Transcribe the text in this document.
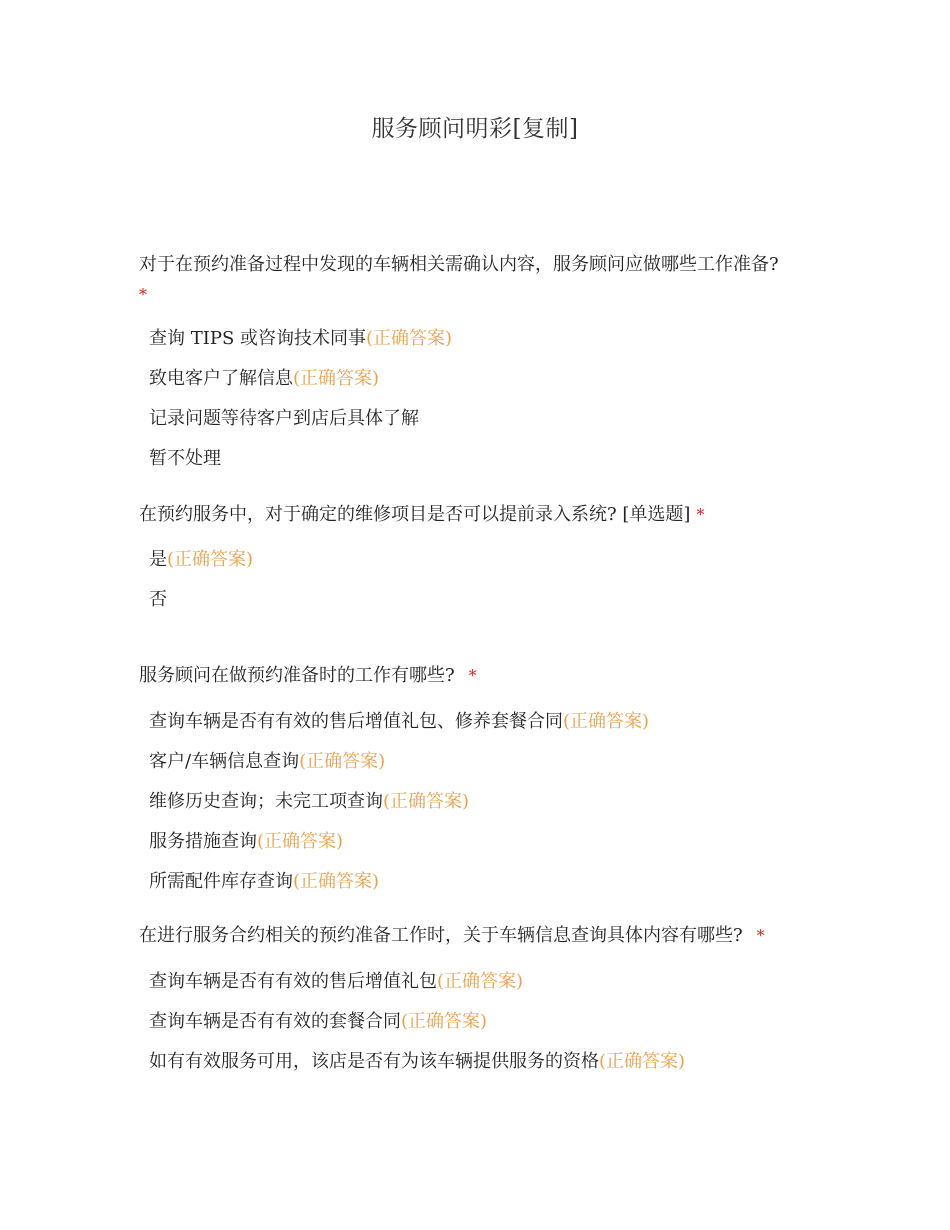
服务顾问明彩[复制]
对于在预约准备过程中发现的车辆相关需确认内容，服务顾问应做哪些工作准备?
*
查询 TIPS 或咨询技术同事(正确答案)
致电客户了解信息(正确答案)
记录问题等待客户到店后具体了解
暂不处理
在预约服务中，对于确定的维修项目是否可以提前录入系统? [单选题] *
是(正确答案)
否
服务顾问在做预约准备时的工作有哪些? *
查询车辆是否有有效的售后增值礼包、修养套餐合同(正确答案)
客户/车辆信息查询(正确答案)
维修历史查询；未完工项查询(正确答案)
服务措施查询(正确答案)
所需配件库存查询(正确答案)
在进行服务合约相关的预约准备工作时，关于车辆信息查询具体内容有哪些? *
查询车辆是否有有效的售后增值礼包(正确答案)
查询车辆是否有有效的套餐合同(正确答案)
如有有效服务可用，该店是否有为该车辆提供服务的资格(正确答案)
